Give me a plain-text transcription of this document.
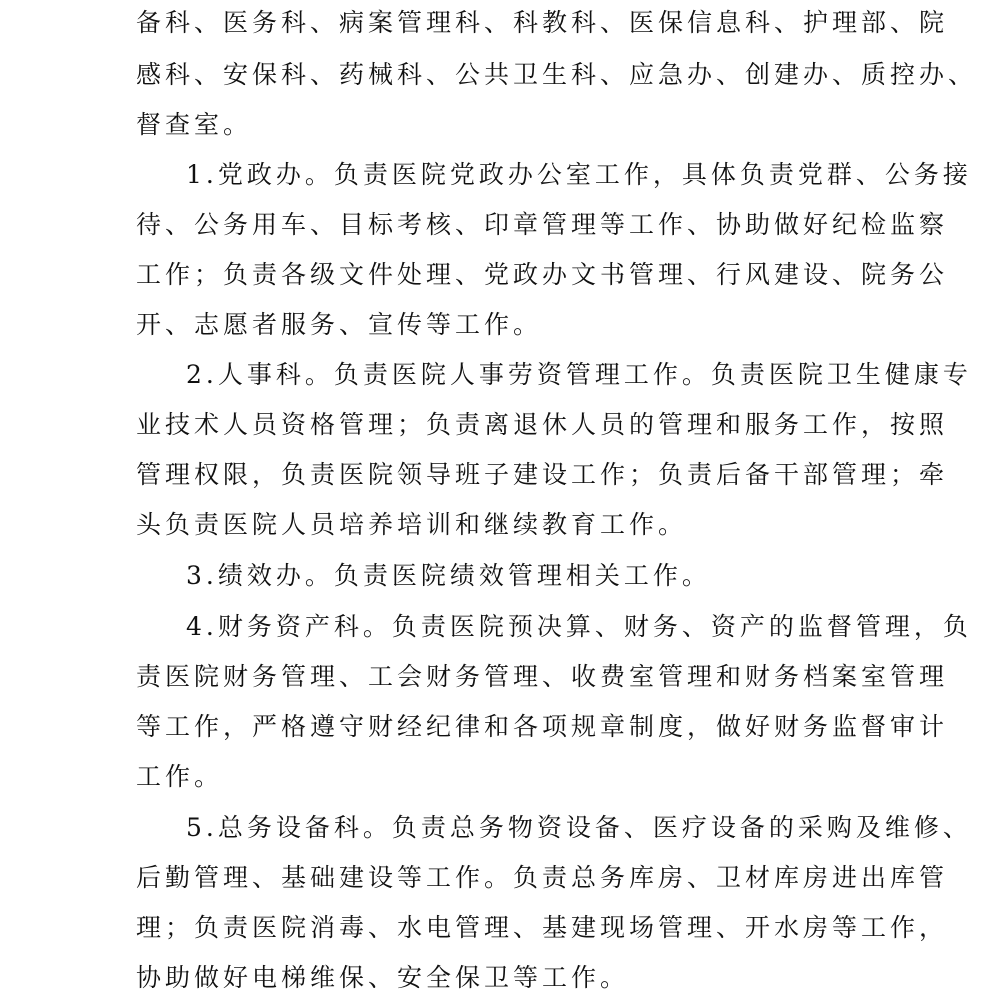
备科、医务科、病案管理科、科教科、医保信息科、护理部、院

感科、安保科、药械科、公共卫生科、应急办、创建办、质控办、

督查室。

1.党政办。负责医院党政办公室工作，具体负责党群、公务接

待、公务用车、目标考核、印章管理等工作、协助做好纪检监察

工作；负责各级文件处理、党政办文书管理、行风建设、院务公

开、志愿者服务、宣传等工作。

2.人事科。负责医院人事劳资管理工作。负责医院卫生健康专

业技术人员资格管理；负责离退休人员的管理和服务工作，按照

管理权限，负责医院领导班子建设工作；负责后备干部管理；牵

头负责医院人员培养培训和继续教育工作。

3.绩效办。负责医院绩效管理相关工作。

4.财务资产科。负责医院预决算、财务、资产的监督管理，负

责医院财务管理、工会财务管理、收费室管理和财务档案室管理

等工作，严格遵守财经纪律和各项规章制度，做好财务监督审计

工作。

5.总务设备科。负责总务物资设备、医疗设备的采购及维修、

后勤管理、基础建设等工作。负责总务库房、卫材库房进出库管

理；负责医院消毒、水电管理、基建现场管理、开水房等工作，

协助做好电梯维保、安全保卫等工作。
